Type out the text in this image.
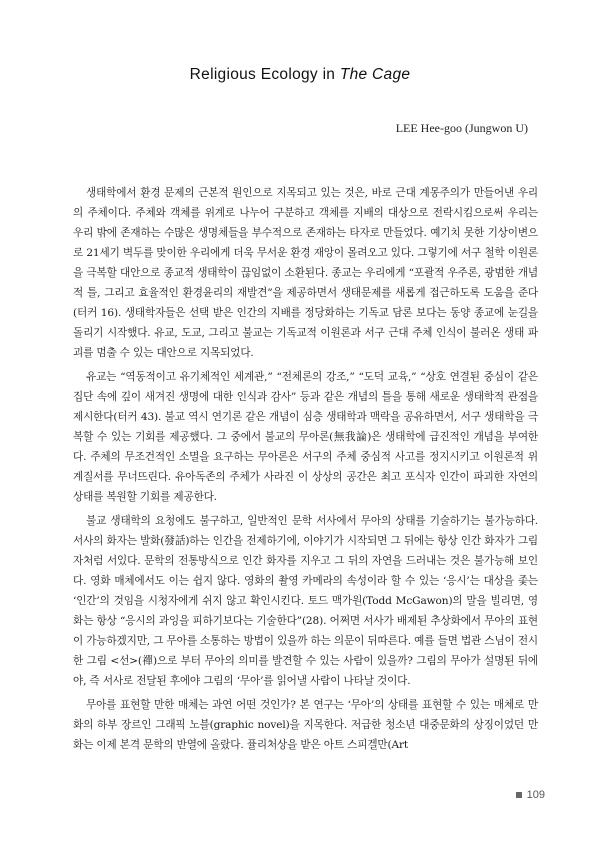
Religious Ecology in The Cage
LEE Hee-goo (Jungwon U)

생태학에서 환경 문제의 근본적 원인으로 지목되고 있는 것은, 바로 근대 계몽주의가 만들어낸 우리의 주체이다. 주체와 객체를 위계로 나누어 구분하고 객체를 지배의 대상으로 전락시킴으로써 우리는 우리 밖에 존재하는 수많은 생명체들을 부수적으로 존재하는 타자로 만들었다. 예기치 못한 기상이변으로 21세기 벽두를 맞이한 우리에게 더욱 무서운 환경 재앙이 몰려오고 있다. 그렇기에 서구 철학 이원론을 극복할 대안으로 종교적 생태학이 끊임없이 소환된다. 종교는 우리에게 “포괄적 우주론, 광범한 개념적 틀, 그리고 효율적인 환경윤리의 재발견”을 제공하면서 생태문제를 새롭게 접근하도록 도움을 준다(터커 16). 생태학자들은 선택 받은 인간의 지배를 정당화하는 기독교 담론 보다는 동양 종교에 눈길을 돌리기 시작했다. 유교, 도교, 그리고 불교는 기독교적 이원론과 서구 근대 주체 인식이 불러온 생태 파괴를 멈출 수 있는 대안으로 지목되었다.

유교는 “역동적이고 유기체적인 세계관,” “전체론의 강조,” “도덕 교육,” “상호 연결된 중심이 같은 집단 속에 깊이 새겨진 생명에 대한 인식과 감사” 등과 같은 개념의 틀을 통해 새로운 생태학적 관점을 제시한다(터커 43). 불교 역시 연기론 같은 개념이 심층 생태학과 맥락을 공유하면서, 서구 생태학을 극복할 수 있는 기회를 제공했다. 그 중에서 불교의 무아론(無我論)은 생태학에 급진적인 개념을 부여한다. 주체의 무조건적인 소멸을 요구하는 무아론은 서구의 주체 중심적 사고를 정지시키고 이원론적 위계질서를 무너뜨린다. 유아독존의 주체가 사라진 이 상상의 공간은 최고 포식자 인간이 파괴한 자연의 상태를 복원할 기회를 제공한다.

불교 생태학의 요청에도 불구하고, 일반적인 문학 서사에서 무아의 상태를 기술하기는 불가능하다. 서사의 화자는 발화(發話)하는 인간을 전제하기에, 이야기가 시작되면 그 뒤에는 항상 인간 화자가 그림자처럼 서있다. 문학의 전통방식으로 인간 화자를 지우고 그 뒤의 자연을 드러내는 것은 불가능해 보인다. 영화 매체에서도 이는 쉽지 않다. 영화의 촬영 카메라의 속성이라 할 수 있는 ‘응시’는 대상을 좇는 ‘인간’의 것임을 시청자에게 쉬지 않고 확인시킨다. 토드 맥가원(Todd McGawon)의 말을 빌리면, 영화는 항상 “응시의 과잉을 피하기보다는 기술한다”(28). 어쩌면 서사가 배제된 추상화에서 무아의 표현이 가능하겠지만, 그 무아를 소통하는 방법이 있을까 하는 의문이 뒤따른다. 예를 들면 법관 스님이 전시한 그림 <선>(禪)으로 부터 무아의 의미를 발견할 수 있는 사람이 있을까? 그림의 무아가 설명된 뒤에야, 즉 서사로 전달된 후에야 그림의 ‘무아’를 읽어낼 사람이 나타날 것이다.

무아를 표현할 만한 매체는 과연 어떤 것인가? 본 연구는 ‘무아’의 상태를 표현할 수 있는 매체로 만화의 하부 장르인 그래픽 노블(graphic novel)을 지목한다. 저급한 청소년 대중문화의 상징이었던 만화는 이제 본격 문학의 반열에 올랐다. 퓰리처상을 받은 아트 스피겔만(Art

109
